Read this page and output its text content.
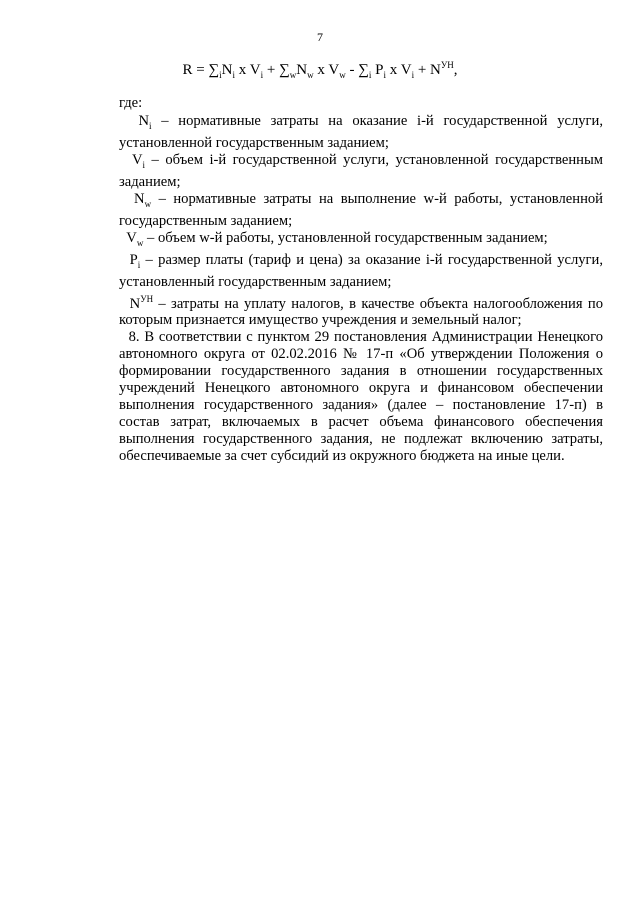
7
$R = \sum_iN_i$ x $V_i + \sum_wN_w$ x $V_w - \sum_i$ $P_i$ x $V_i + N^{УН}$,

где:

$N_i$ – нормативные затраты на оказание i-й государственной услуги, установленной государственным заданием;

$V_i$ – объем i-й государственной услуги, установленной государственным заданием;

$N_w$ – нормативные затраты на выполнение w-й работы, установленной государственным заданием;

$V_w$ – объем w-й работы, установленной государственным заданием;

$P_i$ – размер платы (тариф и цена) за оказание i-й государственной услуги, установленный государственным заданием;

$N^{УН}$ – затраты на уплату налогов, в качестве объекта налогообложения по которым признается имущество учреждения и земельный налог;

8. В соответствии с пунктом 29 постановления Администрации Ненецкого автономного округа от 02.02.2016 № 17-п «Об утверждении Положения о формировании государственного задания в отношении государственных учреждений Ненецкого автономного округа и финансовом обеспечении выполнения государственного задания» (далее – постановление 17-п) в состав затрат, включаемых в расчет объема финансового обеспечения выполнения государственного задания, не подлежат включению затраты, обеспечиваемые за счет субсидий из окружного бюджета на иные цели.
